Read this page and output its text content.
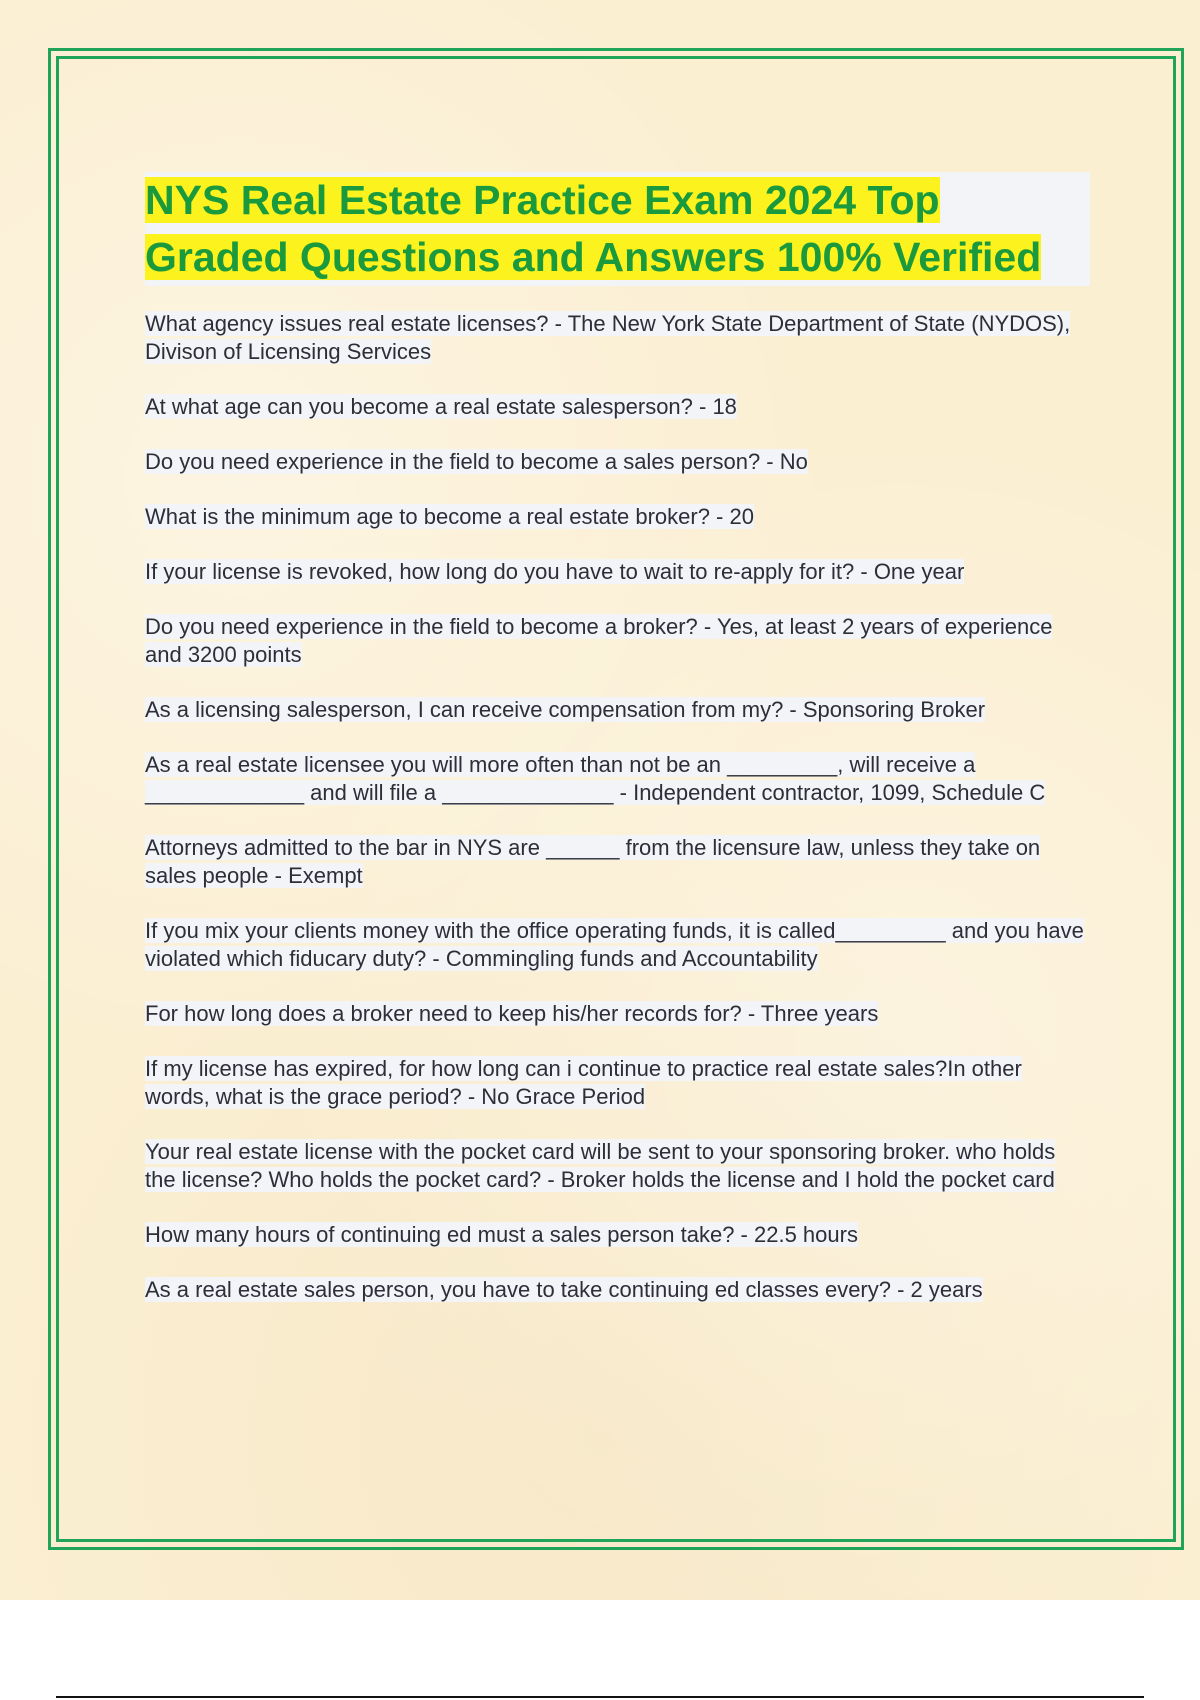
NYS Real Estate Practice Exam 2024 Top Graded Questions and Answers 100% Verified
What agency issues real estate licenses? - The New York State Department of State (NYDOS), Divison of Licensing Services
At what age can you become a real estate salesperson? - 18
Do you need experience in the field to become a sales person? - No
What is the minimum age to become a real estate broker? - 20
If your license is revoked, how long do you have to wait to re-apply for it? - One year
Do you need experience in the field to become a broker? - Yes, at least 2 years of experience and 3200 points
As a licensing salesperson, I can receive compensation from my? - Sponsoring Broker
As a real estate licensee you will more often than not be an _________, will receive a _____________ and will file a ______________ - Independent contractor, 1099, Schedule C
Attorneys admitted to the bar in NYS are ______ from the licensure law, unless they take on sales people - Exempt
If you mix your clients money with the office operating funds, it is called_________ and you have violated which fiducary duty? - Commingling funds and Accountability
For how long does a broker need to keep his/her records for? - Three years
If my license has expired, for how long can i continue to practice real estate sales?In other words, what is the grace period? - No Grace Period
Your real estate license with the pocket card will be sent to your sponsoring broker. who holds the license? Who holds the pocket card? - Broker holds the license and I hold the pocket card
How many hours of continuing ed must a sales person take? - 22.5 hours
As a real estate sales person, you have to take continuing ed classes every? - 2 years
